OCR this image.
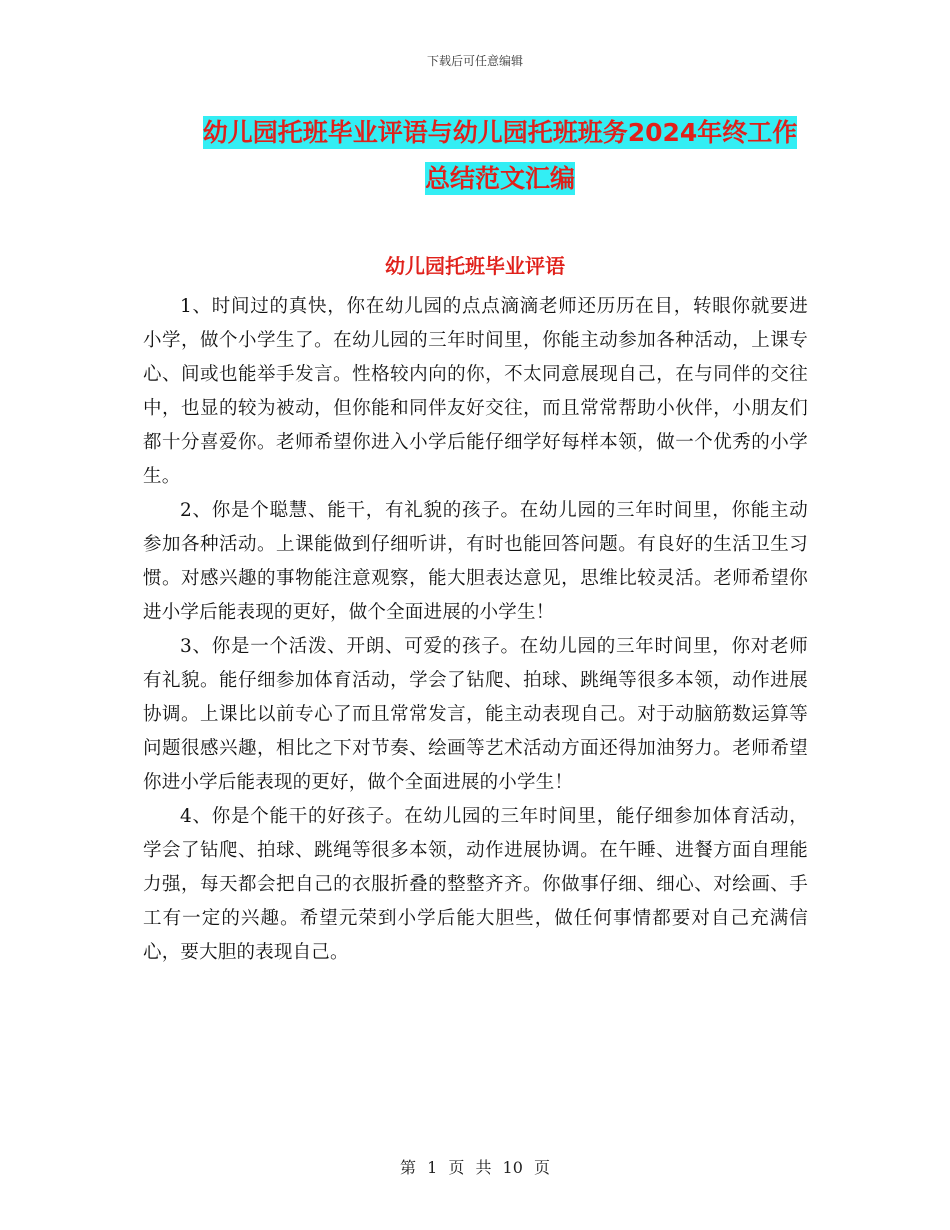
下载后可任意编辑
幼儿园托班毕业评语与幼儿园托班班务2024年终工作
总结范文汇编
幼儿园托班毕业评语

1、时间过的真快，你在幼儿园的点点滴滴老师还历历在目，转眼你就要进小学，做个小学生了。在幼儿园的三年时间里，你能主动参加各种活动，上课专心、间或也能举手发言。性格较内向的你，不太同意展现自己，在与同伴的交往中，也显的较为被动，但你能和同伴友好交往，而且常常帮助小伙伴，小朋友们都十分喜爱你。老师希望你进入小学后能仔细学好每样本领，做一个优秀的小学生。

2、你是个聪慧、能干，有礼貌的孩子。在幼儿园的三年时间里，你能主动参加各种活动。上课能做到仔细听讲，有时也能回答问题。有良好的生活卫生习惯。对感兴趣的事物能注意观察，能大胆表达意见，思维比较灵活。老师希望你进小学后能表现的更好，做个全面进展的小学生！

3、你是一个活泼、开朗、可爱的孩子。在幼儿园的三年时间里，你对老师有礼貌。能仔细参加体育活动，学会了钻爬、拍球、跳绳等很多本领，动作进展协调。上课比以前专心了而且常常发言，能主动表现自己。对于动脑筋数运算等问题很感兴趣，相比之下对节奏、绘画等艺术活动方面还得加油努力。老师希望你进小学后能表现的更好，做个全面进展的小学生！

4、你是个能干的好孩子。在幼儿园的三年时间里，能仔细参加体育活动，学会了钻爬、拍球、跳绳等很多本领，动作进展协调。在午睡、进餐方面自理能力强，每天都会把自己的衣服折叠的整整齐齐。你做事仔细、细心、对绘画、手工有一定的兴趣。希望元荣到小学后能大胆些，做任何事情都要对自己充满信心，要大胆的表现自己。

第 1 页 共 10 页
